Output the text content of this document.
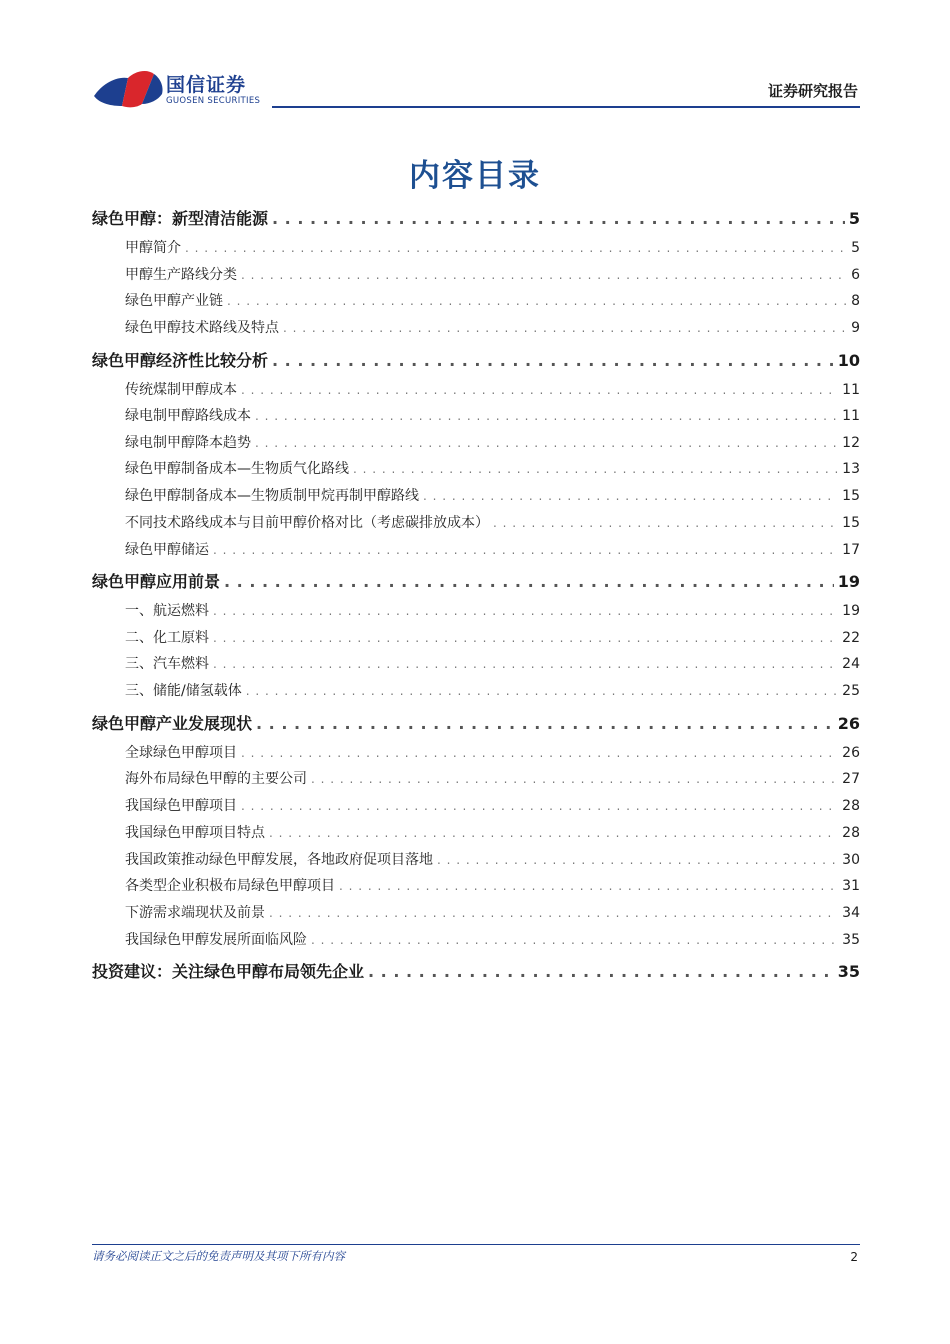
国信证券
GUOSEN SECURITIES
证券研究报告
内容目录
绿色甲醇：新型清洁能源 . . .	5
甲醇简介 . . .	5
甲醇生产路线分类 . . .	6
绿色甲醇产业链 . . .	8
绿色甲醇技术路线及特点 . . .	9
绿色甲醇经济性比较分析 . . .	10
传统煤制甲醇成本 . . .	11
绿电制甲醇路线成本 . . .	11
绿电制甲醇降本趋势 . . .	12
绿色甲醇制备成本—生物质气化路线 . . .	13
绿色甲醇制备成本—生物质制甲烷再制甲醇路线 . . .	15
不同技术路线成本与目前甲醇价格对比（考虑碳排放成本） . . .	15
绿色甲醇储运 . . .	17
绿色甲醇应用前景 . . .	19
一、航运燃料 . . .	19
二、化工原料 . . .	22
三、汽车燃料 . . .	24
三、储能/储氢载体 . . .	25
绿色甲醇产业发展现状 . . .	26
全球绿色甲醇项目 . . .	26
海外布局绿色甲醇的主要公司 . . .	27
我国绿色甲醇项目 . . .	28
我国绿色甲醇项目特点 . . .	28
我国政策推动绿色甲醇发展，各地政府促项目落地 . . .	30
各类型企业积极布局绿色甲醇项目 . . .	31
下游需求端现状及前景 . . .	34
我国绿色甲醇发展所面临风险 . . .	35
投资建议：关注绿色甲醇布局领先企业 . . .	35
请务必阅读正文之后的免责声明及其项下所有内容	2
